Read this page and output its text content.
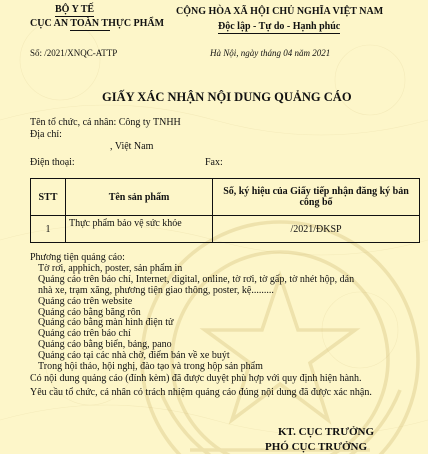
BỘ Y TẾ
CỤC AN TOÀN THỰC PHẨM
CỘNG HÒA XÃ HỘI CHỦ NGHĨA VIỆT NAM
Độc lập - Tự do - Hạnh phúc
Số: /2021/XNQC-ATTP	Hà Nội, ngày tháng 04 năm 2021
GIẤY XÁC NHẬN NỘI DUNG QUẢNG CÁO
Tên tổ chức, cá nhân: Công ty TNHH
Địa chỉ:
, Việt Nam
Điện thoại:	Fax:
STT	Tên sản phẩm	Số, ký hiệu của Giấy tiếp nhận đăng ký bản công bố
1	Thực phẩm bảo vệ sức khỏe	/2021/ĐKSP
Phương tiện quảng cáo:
Tờ rơi, apphich, poster, sản phẩm in
Quảng cáo trên báo chí, Internet, digital, online, tờ rơi, tờ gấp, tờ nhét hộp, dán
nhà xe, trạm xăng, phương tiện giao thông, poster, kệ.........
Quảng cáo trên website
Quảng cáo bằng băng rôn
Quảng cáo bằng màn hình điện tử
Quảng cáo trên báo chí
Quảng cáo bằng biển, bảng, pano
Quảng cáo tại các nhà chờ, điểm bán về xe buýt
Trong hội thảo, hội nghị, đào tạo và trong hộp sản phẩm
Có nội dung quảng cáo (đính kèm) đã được duyệt phù hợp với quy định hiện hành.
Yêu cầu tổ chức, cá nhân có trách nhiệm quảng cáo đúng nội dung đã được xác nhận.
KT. CỤC TRƯỞNG
PHÓ CỤC TRƯỞNG
